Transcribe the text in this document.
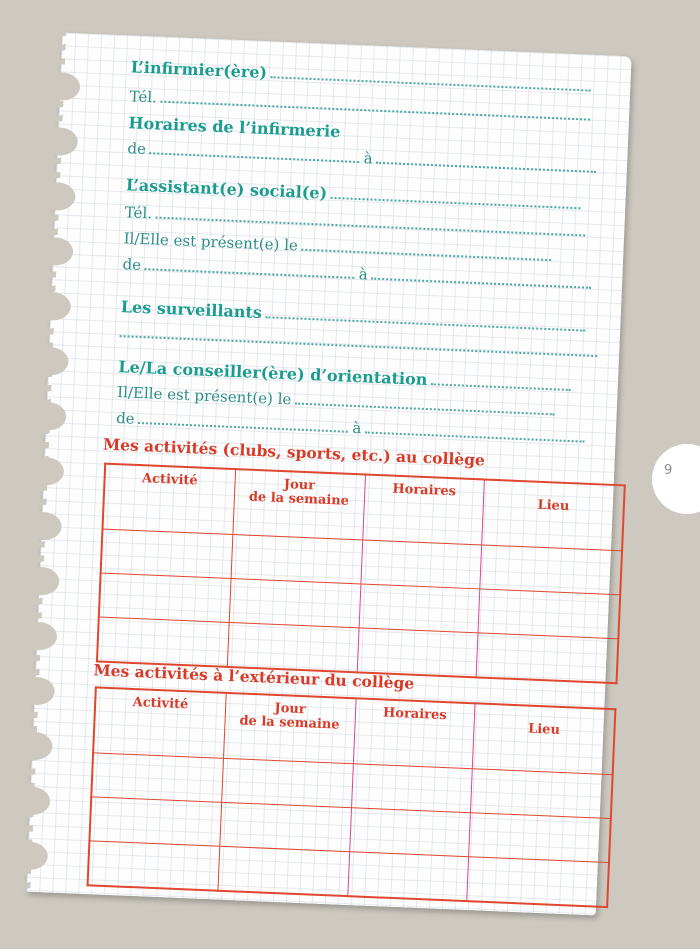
9
L’infirmier(ère)
Tél.
Horaires de l’infirmerie
de
à
L’assistant(e) social(e)
Tél.
Il/Elle est présent(e) le
de
à
Les surveillants
Le/La conseiller(ère) d’orientation
Il/Elle est présent(e) le
de
à
Mes activités (clubs, sports, etc.) au collège
Activité	Jour
de la semaine	Horaires	Lieu

Mes activités à l’extérieur du collège
Activité	Jour
de la semaine	Horaires	Lieu
